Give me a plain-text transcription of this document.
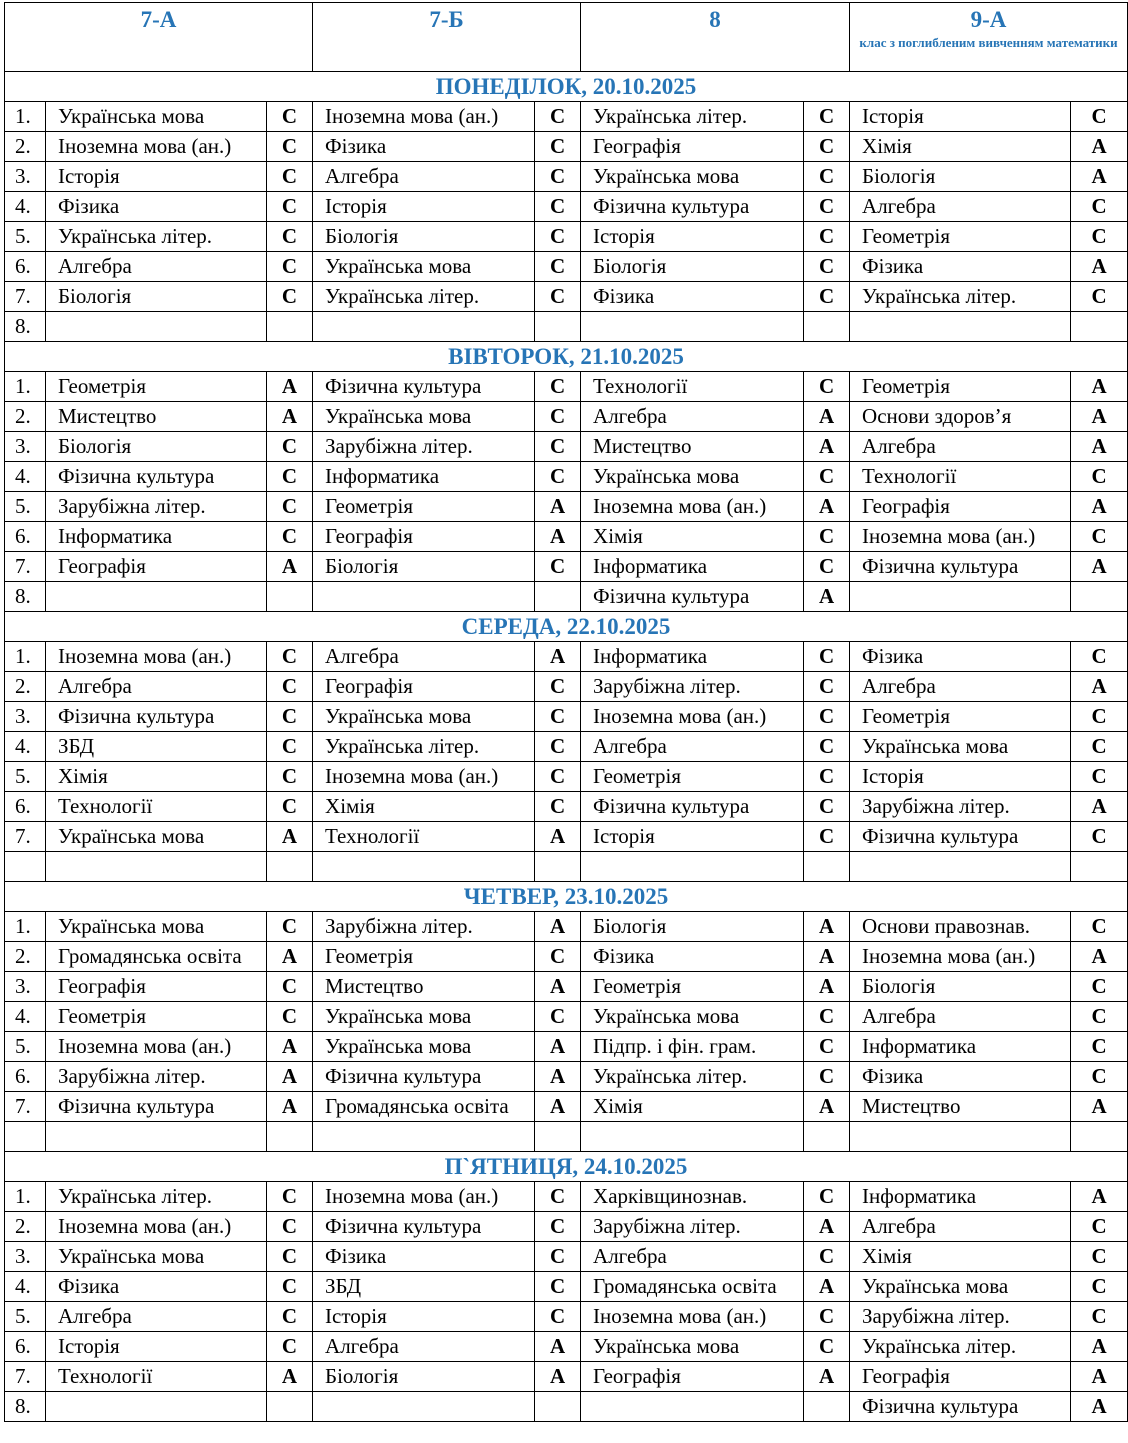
7-А			7-Б		8		9-А
клас з поглибленим вивченням математики	

ПОНЕДІЛОК, 20.10.2025								
1.	Українська мова	С	Іноземна мова (ан.)	С	Українська літер.	С	Історія	С
2.	Іноземна мова (ан.)	С	Фізика	С	Географія	С	Хімія	А
3.	Історія	С	Алгебра	С	Українська мова	С	Біологія	А
4.	Фізика	С	Історія	С	Фізична культура	С	Алгебра	С
5.	Українська літер.	С	Біологія	С	Історія	С	Геометрія	С
6.	Алгебра	С	Українська мова	С	Біологія	С	Фізика	А
7.	Біологія	С	Українська літер.	С	Фізика	С	Українська літер.	С
8.								
ВІВТОРОК, 21.10.2025								
1.	Геометрія	А	Фізична культура	С	Технології	С	Геометрія	А
2.	Мистецтво	А	Українська мова	С	Алгебра	А	Основи здоров’я	А
3.	Біологія	С	Зарубіжна літер.	С	Мистецтво	А	Алгебра	А
4.	Фізична культура	С	Інформатика	С	Українська мова	С	Технології	С
5.	Зарубіжна літер.	С	Геометрія	А	Іноземна мова (ан.)	А	Географія	А
6.	Інформатика	С	Географія	А	Хімія	С	Іноземна мова (ан.)	С
7.	Географія	А	Біологія	С	Інформатика	С	Фізична культура	А
8.					Фізична культура	А		
СЕРЕДА, 22.10.2025								
1.	Іноземна мова (ан.)	С	Алгебра	А	Інформатика	С	Фізика	С
2.	Алгебра	С	Географія	С	Зарубіжна літер.	С	Алгебра	А
3.	Фізична культура	С	Українська мова	С	Іноземна мова (ан.)	С	Геометрія	С
4.	ЗБД	С	Українська літер.	С	Алгебра	С	Українська мова	С
5.	Хімія	С	Іноземна мова (ан.)	С	Геометрія	С	Історія	С
6.	Технології	С	Хімія	С	Фізична культура	С	Зарубіжна літер.	А
7.	Українська мова	А	Технології	А	Історія	С	Фізична культура	С

ЧЕТВЕР, 23.10.2025								
1.	Українська мова	С	Зарубіжна літер.	А	Біологія	А	Основи правознав.	С
2.	Громадянська освіта	А	Геометрія	С	Фізика	А	Іноземна мова (ан.)	А
3.	Географія	С	Мистецтво	А	Геометрія	А	Біологія	С
4.	Геометрія	С	Українська мова	С	Українська мова	С	Алгебра	С
5.	Іноземна мова (ан.)	А	Українська мова	А	Підпр. і фін. грам.	С	Інформатика	С
6.	Зарубіжна літер.	А	Фізична культура	А	Українська літер.	С	Фізика	С
7.	Фізична культура	А	Громадянська освіта	А	Хімія	А	Мистецтво	А

П`ЯТНИЦЯ, 24.10.2025								
1.	Українська літер.	С	Іноземна мова (ан.)	С	Харківщинознав.	С	Інформатика	А
2.	Іноземна мова (ан.)	С	Фізична культура	С	Зарубіжна літер.	А	Алгебра	С
3.	Українська мова	С	Фізика	С	Алгебра	С	Хімія	С
4.	Фізика	С	ЗБД	С	Громадянська освіта	А	Українська мова	С
5.	Алгебра	С	Історія	С	Іноземна мова (ан.)	С	Зарубіжна літер.	С
6.	Історія	С	Алгебра	А	Українська мова	С	Українська літер.	А
7.	Технології	А	Біологія	А	Географія	А	Географія	А
8.							Фізична культура	А
